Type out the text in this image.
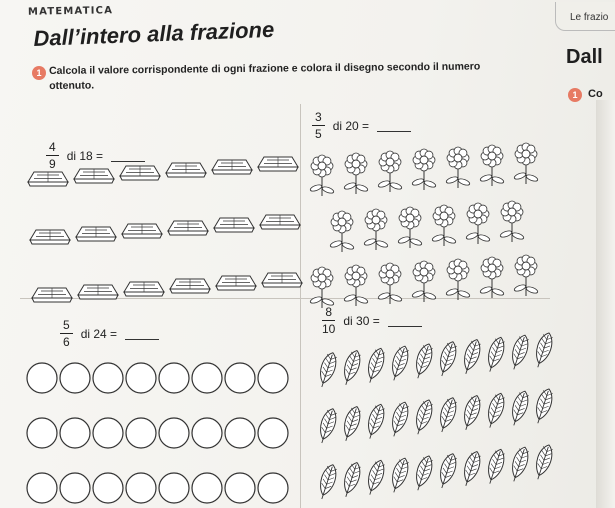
MATEMATICA	Le frazio
Dall’intero alla frazione
Dall
1 Calcola il valore corrispondente di ogni frazione e colora il disegno secondo il numero ottenuto.
1 Co
$\frac{4}{9}$ di 18 =
$\frac{3}{5}$ di 20 =
$\frac{5}{6}$ di 24 =	$\frac{8}{10}$ di 30 =
